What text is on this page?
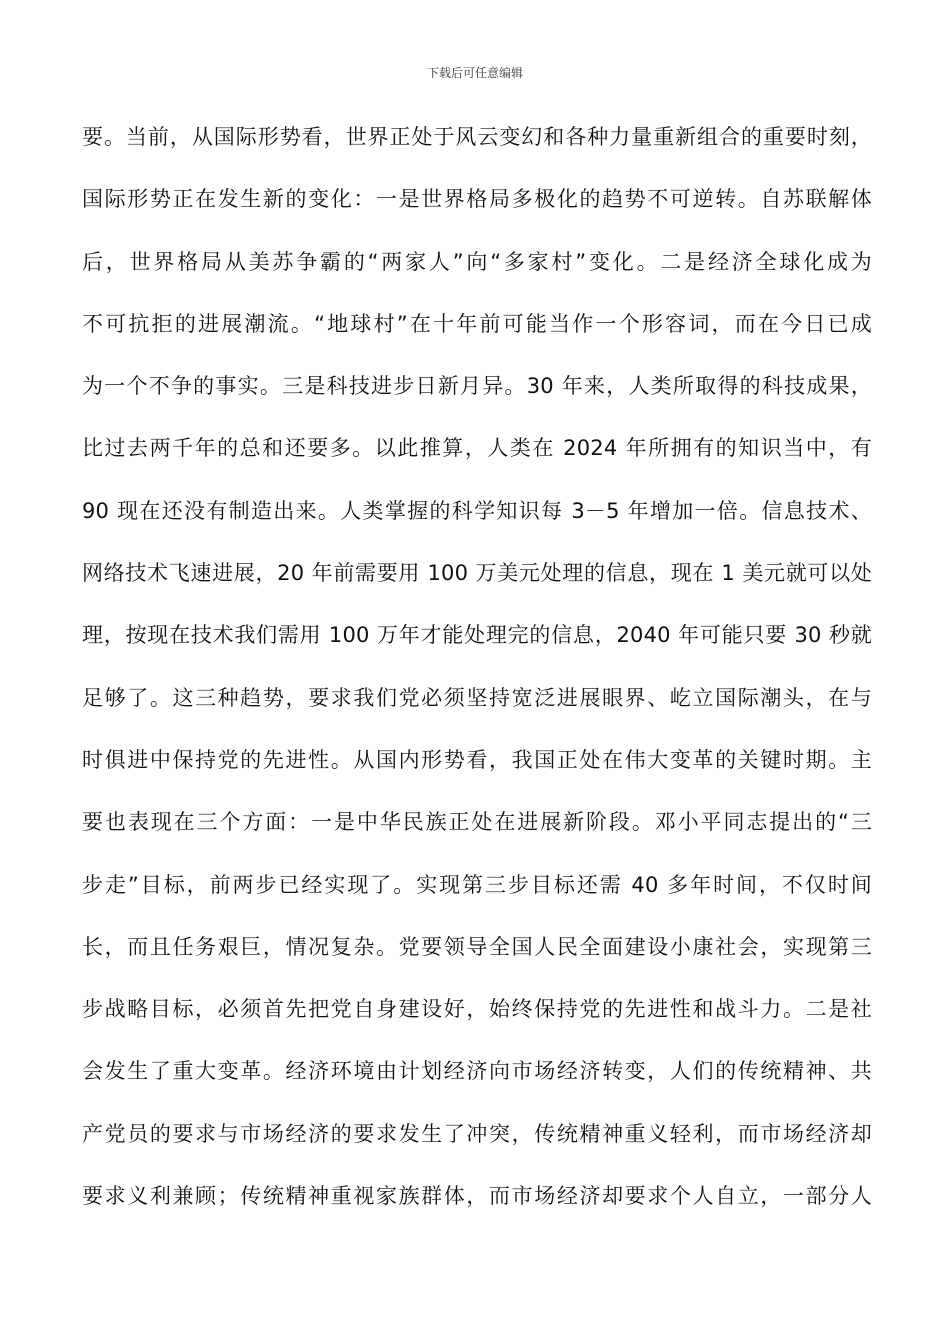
下载后可任意编辑
要。当前，从国际形势看，世界正处于风云变幻和各种力量重新组合的重要时刻，
国际形势正在发生新的变化：一是世界格局多极化的趋势不可逆转。自苏联解体
后，世界格局从美苏争霸的“两家人”向“多家村”变化。二是经济全球化成为
不可抗拒的进展潮流。“地球村”在十年前可能当作一个形容词，而在今日已成
为一个不争的事实。三是科技进步日新月异。30 年来，人类所取得的科技成果，
比过去两千年的总和还要多。以此推算，人类在 2024 年所拥有的知识当中，有
90 现在还没有制造出来。人类掌握的科学知识每 3－5 年增加一倍。信息技术、
网络技术飞速进展，20 年前需要用 100 万美元处理的信息，现在 1 美元就可以处
理，按现在技术我们需用 100 万年才能处理完的信息，2040 年可能只要 30 秒就
足够了。这三种趋势，要求我们党必须坚持宽泛进展眼界、屹立国际潮头，在与
时俱进中保持党的先进性。从国内形势看，我国正处在伟大变革的关键时期。主
要也表现在三个方面：一是中华民族正处在进展新阶段。邓小平同志提出的“三
步走”目标，前两步已经实现了。实现第三步目标还需 40 多年时间，不仅时间
长，而且任务艰巨，情况复杂。党要领导全国人民全面建设小康社会，实现第三
步战略目标，必须首先把党自身建设好，始终保持党的先进性和战斗力。二是社
会发生了重大变革。经济环境由计划经济向市场经济转变，人们的传统精神、共
产党员的要求与市场经济的要求发生了冲突，传统精神重义轻利，而市场经济却
要求义利兼顾；传统精神重视家族群体，而市场经济却要求个人自立，一部分人
